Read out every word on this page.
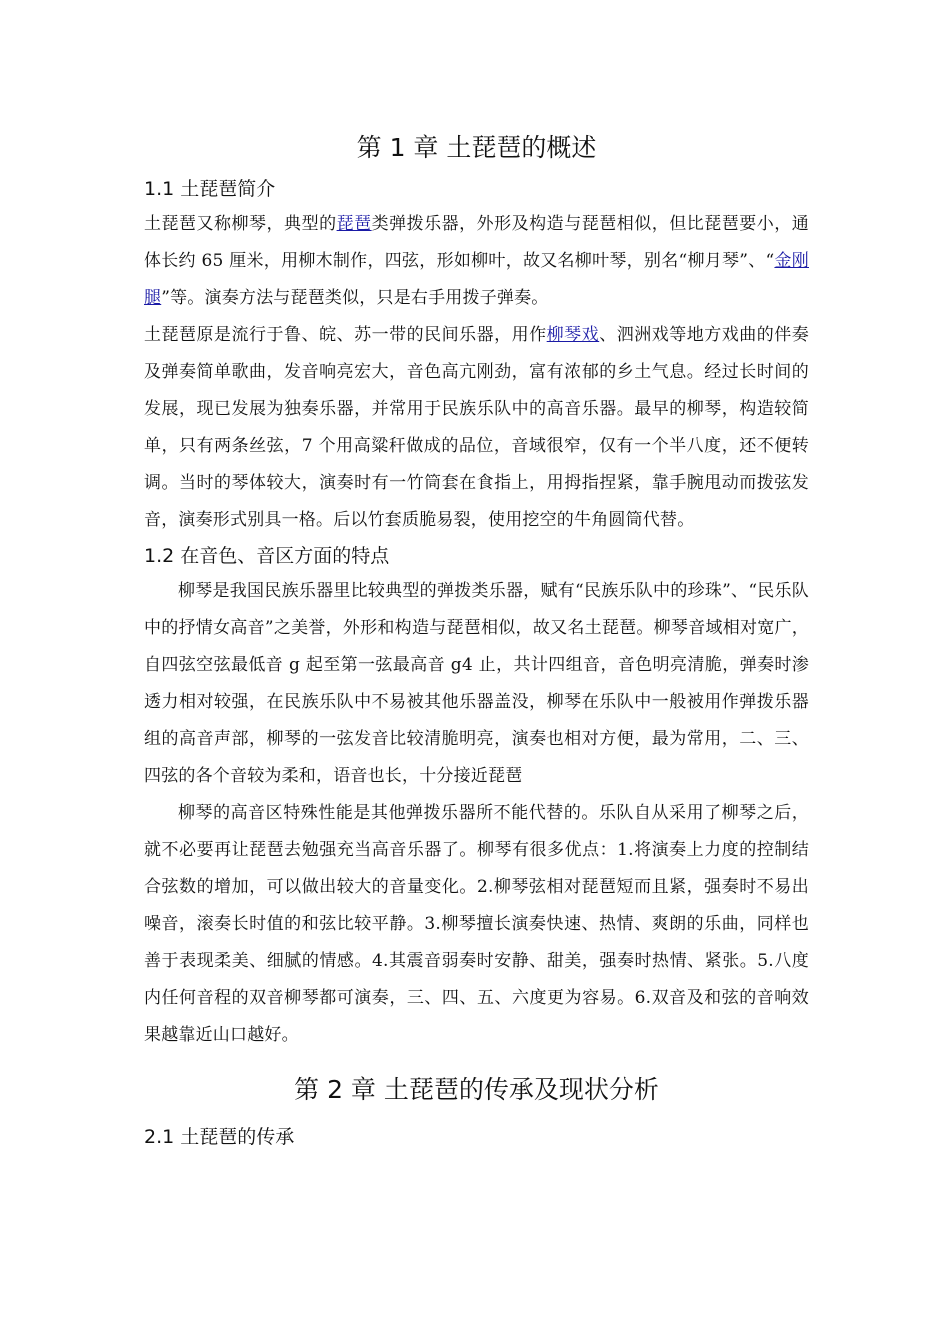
第 1 章 土琵琶的概述
1.1 土琵琶简介

土琵琶又称柳琴，典型的琵琶类弹拨乐器，外形及构造与琵琶相似，但比琵琶要小，通体长约 65 厘米，用柳木制作，四弦，形如柳叶，故又名柳叶琴，别名“柳月琴”、“金刚腿”等。演奏方法与琵琶类似，只是右手用拨子弹奏。

土琵琶原是流行于鲁、皖、苏一带的民间乐器，用作柳琴戏、泗洲戏等地方戏曲的伴奏及弹奏简单歌曲，发音响亮宏大，音色高亢刚劲，富有浓郁的乡土气息。经过长时间的发展，现已发展为独奏乐器，并常用于民族乐队中的高音乐器。最早的柳琴，构造较简单，只有两条丝弦，7 个用高粱秆做成的品位，音域很窄，仅有一个半八度，还不便转调。当时的琴体较大，演奏时有一竹筒套在食指上，用拇指捏紧，靠手腕甩动而拨弦发音，演奏形式别具一格。后以竹套质脆易裂，使用挖空的牛角圆筒代替。

1.2 在音色、音区方面的特点

柳琴是我国民族乐器里比较典型的弹拨类乐器，赋有“民族乐队中的珍珠”、“民乐队中的抒情女高音”之美誉，外形和构造与琵琶相似，故又名土琵琶。柳琴音域相对宽广，自四弦空弦最低音 g 起至第一弦最高音 g4 止，共计四组音，音色明亮清脆，弹奏时渗透力相对较强，在民族乐队中不易被其他乐器盖没，柳琴在乐队中一般被用作弹拨乐器组的高音声部，柳琴的一弦发音比较清脆明亮，演奏也相对方便，最为常用，二、三、四弦的各个音较为柔和，语音也长，十分接近琵琶

柳琴的高音区特殊性能是其他弹拨乐器所不能代替的。乐队自从采用了柳琴之后，就不必要再让琵琶去勉强充当高音乐器了。柳琴有很多优点：1.将演奏上力度的控制结合弦数的增加，可以做出较大的音量变化。2.柳琴弦相对琵琶短而且紧，强奏时不易出噪音，滚奏长时值的和弦比较平静。3.柳琴擅长演奏快速、热情、爽朗的乐曲，同样也善于表现柔美、细腻的情感。4.其震音弱奏时安静、甜美，强奏时热情、紧张。5.八度内任何音程的双音柳琴都可演奏，三、四、五、六度更为容易。6.双音及和弦的音响效果越靠近山口越好。

第 2 章 土琵琶的传承及现状分析
2.1 土琵琶的传承
